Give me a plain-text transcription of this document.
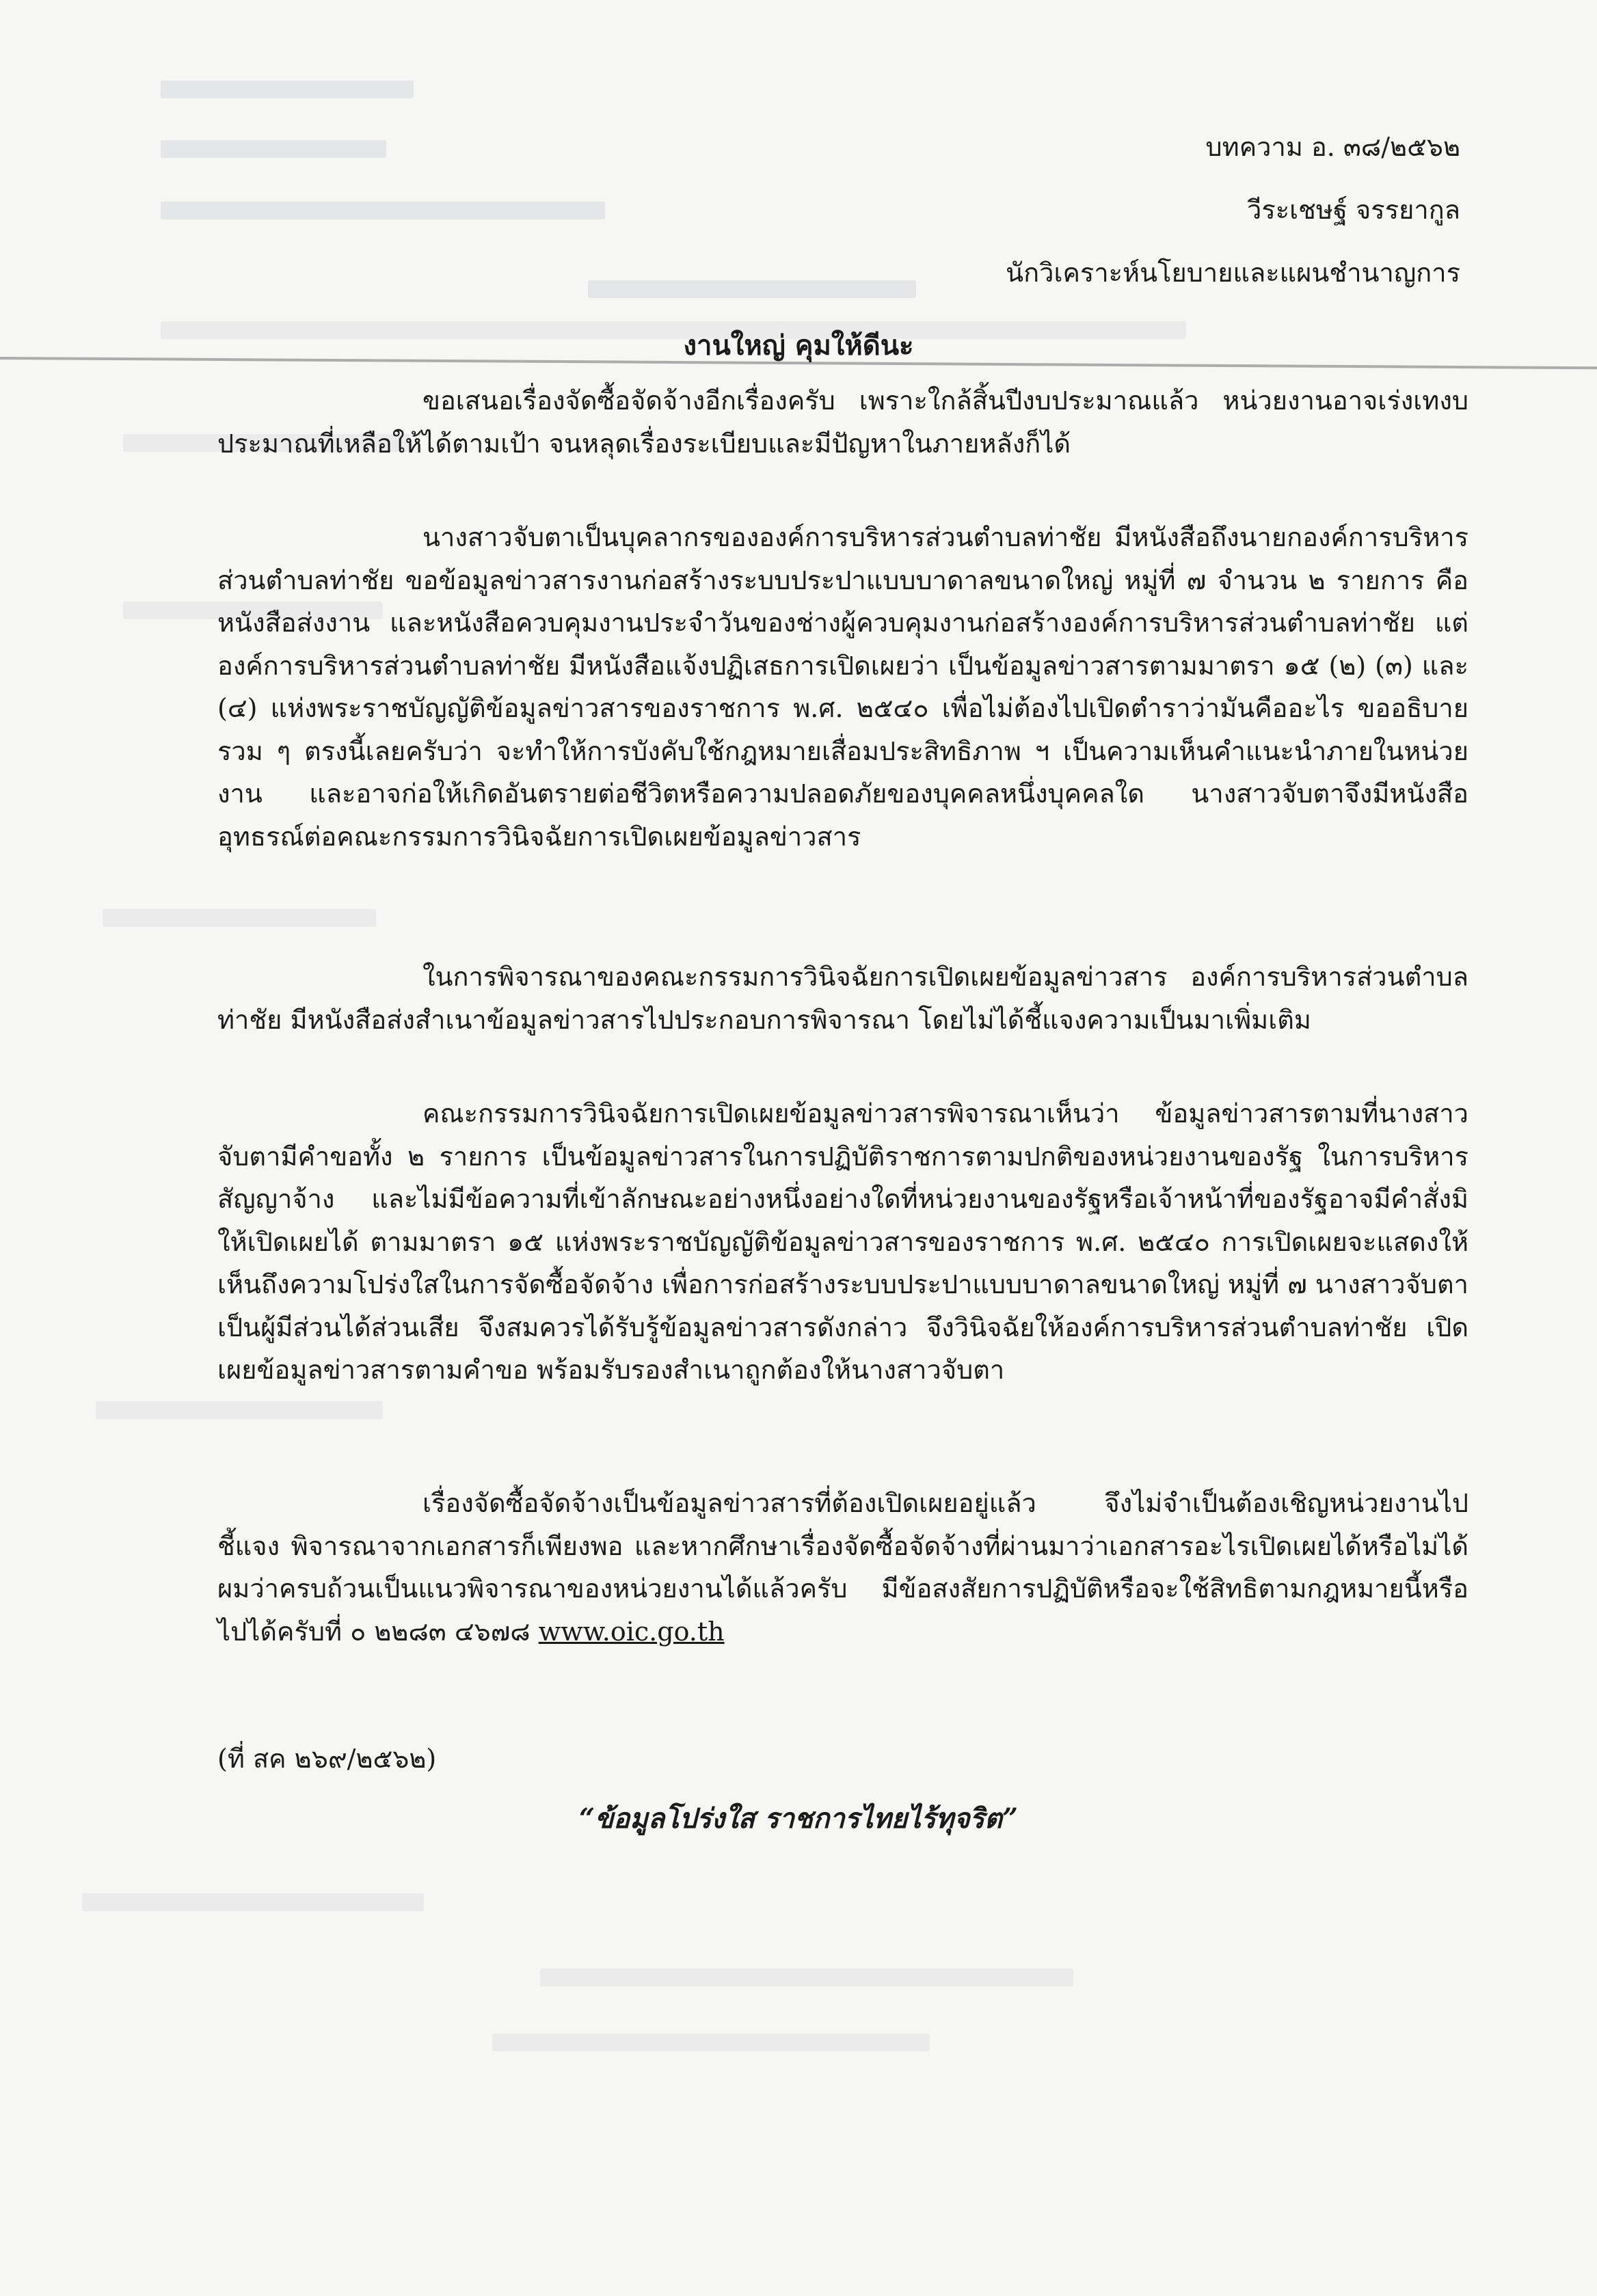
บทความ อ. ๓๘/๒๕๖๒
วีระเชษฐ์ จรรยากูล
นักวิเคราะห์นโยบายและแผนชำนาญการ
งานใหญ่ คุมให้ดีนะ

ขอเสนอเรื่องจัดซื้อจัดจ้างอีกเรื่องครับ เพราะใกล้สิ้นปีงบประมาณแล้ว หน่วยงานอาจเร่งเทงบประมาณที่เหลือให้ได้ตามเป้า จนหลุดเรื่องระเบียบและมีปัญหาในภายหลังก็ได้

นางสาวจับตาเป็นบุคลากรขององค์การบริหารส่วนตำบลท่าชัย มีหนังสือถึงนายกองค์การบริหารส่วนตำบลท่าชัย ขอข้อมูลข่าวสารงานก่อสร้างระบบประปาแบบบาดาลขนาดใหญ่ หมู่ที่ ๗ จำนวน ๒ รายการ คือ หนังสือส่งงาน และหนังสือควบคุมงานประจำวันของช่างผู้ควบคุมงานก่อสร้างองค์การบริหารส่วนตำบลท่าชัย แต่องค์การบริหารส่วนตำบลท่าชัย มีหนังสือแจ้งปฏิเสธการเปิดเผยว่า เป็นข้อมูลข่าวสารตามมาตรา ๑๕ (๒) (๓) และ (๔) แห่งพระราชบัญญัติข้อมูลข่าวสารของราชการ พ.ศ. ๒๕๔๐ เพื่อไม่ต้องไปเปิดตำราว่ามันคืออะไร ขออธิบายรวม ๆ ตรงนี้เลยครับว่า จะทำให้การบังคับใช้กฎหมายเสื่อมประสิทธิภาพ ฯ เป็นความเห็นคำแนะนำภายในหน่วยงาน และอาจก่อให้เกิดอันตรายต่อชีวิตหรือความปลอดภัยของบุคคลหนึ่งบุคคลใด นางสาวจับตาจึงมีหนังสืออุทธรณ์ต่อคณะกรรมการวินิจฉัยการเปิดเผยข้อมูลข่าวสาร

ในการพิจารณาของคณะกรรมการวินิจฉัยการเปิดเผยข้อมูลข่าวสาร องค์การบริหารส่วนตำบลท่าชัย มีหนังสือส่งสำเนาข้อมูลข่าวสารไปประกอบการพิจารณา โดยไม่ได้ชี้แจงความเป็นมาเพิ่มเติม

คณะกรรมการวินิจฉัยการเปิดเผยข้อมูลข่าวสารพิจารณาเห็นว่า ข้อมูลข่าวสารตามที่นางสาวจับตามีคำขอทั้ง ๒ รายการ เป็นข้อมูลข่าวสารในการปฏิบัติราชการตามปกติของหน่วยงานของรัฐ ในการบริหารสัญญาจ้าง และไม่มีข้อความที่เข้าลักษณะอย่างหนึ่งอย่างใดที่หน่วยงานของรัฐหรือเจ้าหน้าที่ของรัฐอาจมีคำสั่งมิให้เปิดเผยได้ ตามมาตรา ๑๕ แห่งพระราชบัญญัติข้อมูลข่าวสารของราชการ พ.ศ. ๒๕๔๐ การเปิดเผยจะแสดงให้เห็นถึงความโปร่งใสในการจัดซื้อจัดจ้าง เพื่อการก่อสร้างระบบประปาแบบบาดาลขนาดใหญ่ หมู่ที่ ๗ นางสาวจับตาเป็นผู้มีส่วนได้ส่วนเสีย จึงสมควรได้รับรู้ข้อมูลข่าวสารดังกล่าว จึงวินิจฉัยให้องค์การบริหารส่วนตำบลท่าชัย เปิดเผยข้อมูลข่าวสารตามคำขอ พร้อมรับรองสำเนาถูกต้องให้นางสาวจับตา

เรื่องจัดซื้อจัดจ้างเป็นข้อมูลข่าวสารที่ต้องเปิดเผยอยู่แล้ว จึงไม่จำเป็นต้องเชิญหน่วยงานไปชี้แจง พิจารณาจากเอกสารก็เพียงพอ และหากศึกษาเรื่องจัดซื้อจัดจ้างที่ผ่านมาว่าเอกสารอะไรเปิดเผยได้หรือไม่ได้ ผมว่าครบถ้วนเป็นแนวพิจารณาของหน่วยงานได้แล้วครับ มีข้อสงสัยการปฏิบัติหรือจะใช้สิทธิตามกฎหมายนี้หรือไปได้ครับที่ ๐ ๒๒๘๓ ๔๖๗๘ www.oic.go.th

(ที่ สค ๒๖๙/๒๕๖๒)
“ข้อมูลโปร่งใส ราชการไทยไร้ทุจริต”
